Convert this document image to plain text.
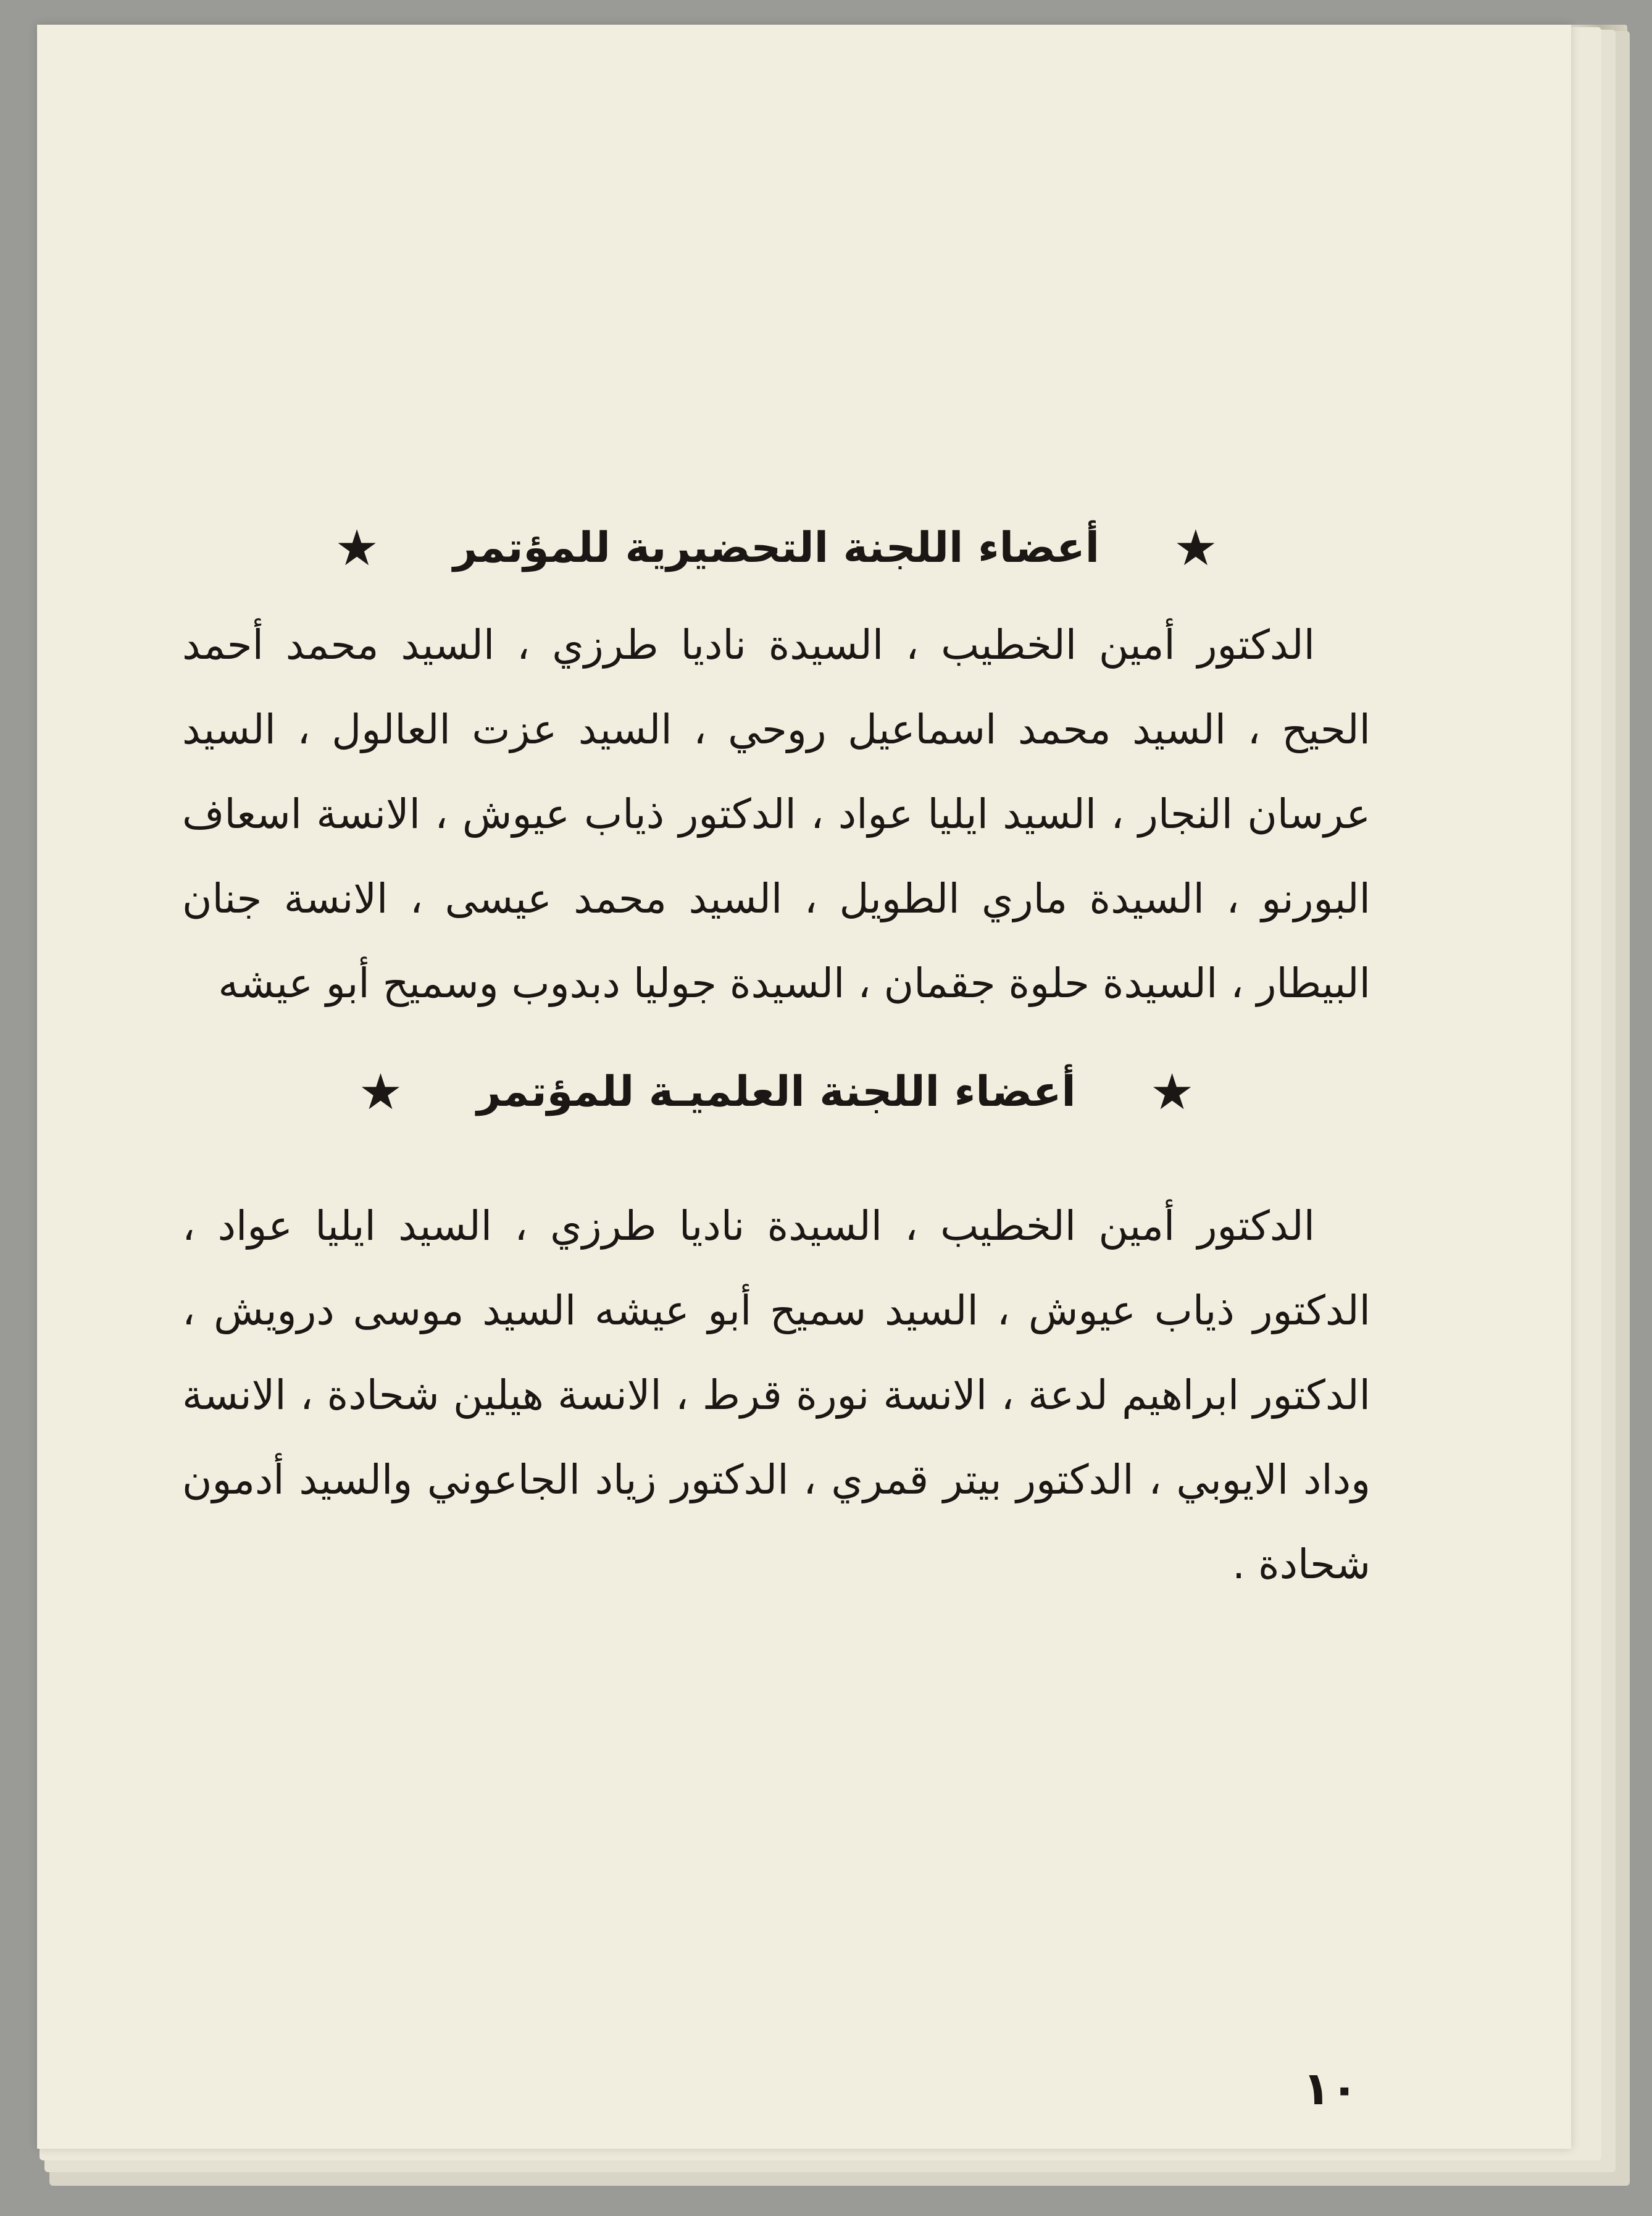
★
أعضاء اللجنة التحضيرية للمؤتمر
★

الدكتور أمين الخطيب ، السيدة ناديا طرزي ، السيد محمد أحمد الحيح ، السيد محمد اسماعيل روحي ، السيد عزت العالول ، السيد عرسان النجار ، السيد ايليا عواد ، الدكتور ذياب عيوش ، الانسة اسعاف البورنو ، السيدة ماري الطويل ، السيد محمد عيسى ، الانسة جنان البيطار ، السيدة حلوة جقمان ، السيدة جوليا دبدوب وسميح أبو عيشه

★
أعضاء اللجنة العلميـة للمؤتمر
★

الدكتور أمين الخطيب ، السيدة ناديا طرزي ، السيد ايليا عواد ، الدكتور ذياب عيوش ، السيد سميح أبو عيشه السيد موسى درويش ، الدكتور ابراهيم لدعة ، الانسة نورة قرط ، الانسة هيلين شحادة ، الانسة وداد الايوبي ، الدكتور بيتر قمري ، الدكتور زياد الجاعوني والسيد أدمون شحادة .

١٠
